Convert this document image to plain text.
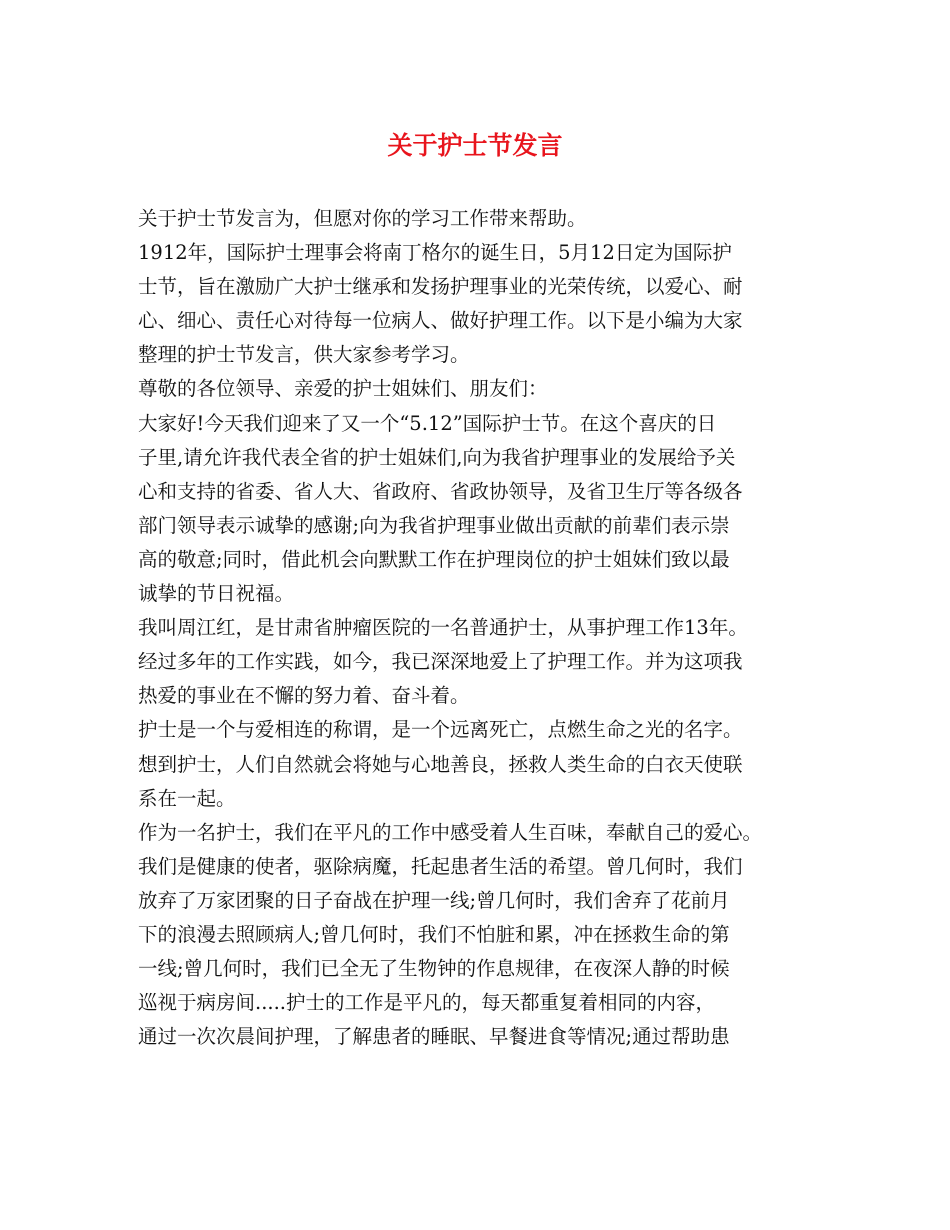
关于护士节发言

关于护士节发言为，但愿对你的学习工作带来帮助。

1912年，国际护士理事会将南丁格尔的诞生日，5月12日定为国际护

士节，旨在激励广大护士继承和发扬护理事业的光荣传统，以爱心、耐

心、细心、责任心对待每一位病人、做好护理工作。以下是小编为大家

整理的护士节发言，供大家参考学习。

尊敬的各位领导、亲爱的护士姐妹们、朋友们：

大家好!今天我们迎来了又一个“5.12”国际护士节。在这个喜庆的日

子里,请允许我代表全省的护士姐妹们,向为我省护理事业的发展给予关

心和支持的省委、省人大、省政府、省政协领导，及省卫生厅等各级各

部门领导表示诚挚的感谢;向为我省护理事业做出贡献的前辈们表示崇

高的敬意;同时，借此机会向默默工作在护理岗位的护士姐妹们致以最

诚挚的节日祝福。

我叫周江红，是甘肃省肿瘤医院的一名普通护士，从事护理工作13年。

经过多年的工作实践，如今，我已深深地爱上了护理工作。并为这项我

热爱的事业在不懈的努力着、奋斗着。

护士是一个与爱相连的称谓，是一个远离死亡，点燃生命之光的名字。

想到护士，人们自然就会将她与心地善良，拯救人类生命的白衣天使联

系在一起。

作为一名护士，我们在平凡的工作中感受着人生百味，奉献自己的爱心。

我们是健康的使者，驱除病魔，托起患者生活的希望。曾几何时，我们

放弃了万家团聚的日子奋战在护理一线;曾几何时，我们舍弃了花前月

下的浪漫去照顾病人;曾几何时，我们不怕脏和累，冲在拯救生命的第

一线;曾几何时，我们已全无了生物钟的作息规律，在夜深人静的时候

巡视于病房间.....护士的工作是平凡的，每天都重复着相同的内容，

通过一次次晨间护理，了解患者的睡眠、早餐进食等情况;通过帮助患
